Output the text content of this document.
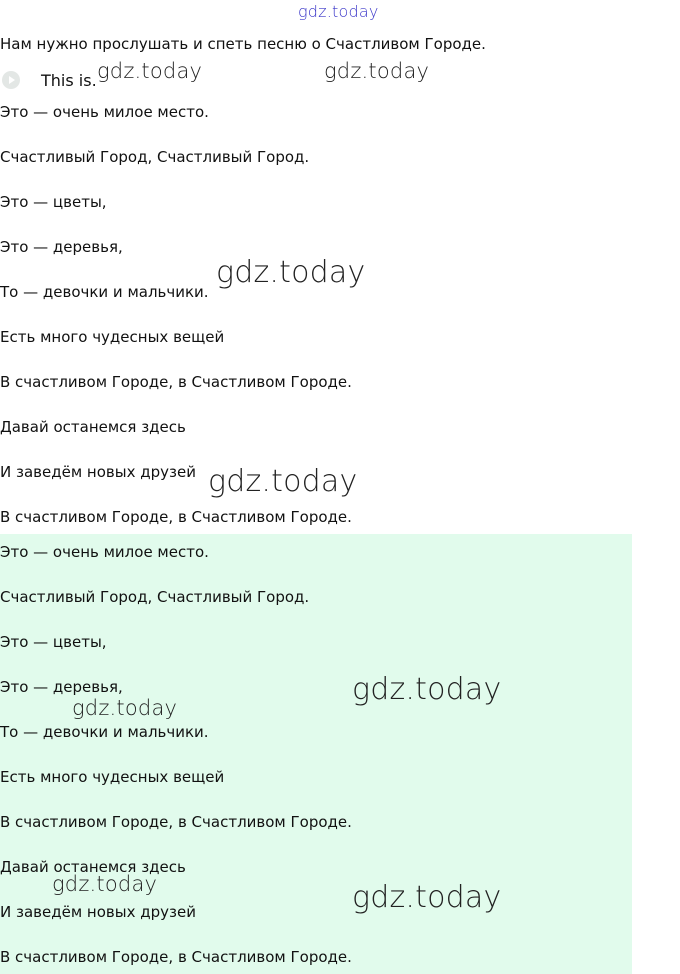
gdz.today
Нам нужно прослушать и спеть песню о Счастливом Городе.
This is.
Это — очень милое место.
Счастливый Город, Счастливый Город.
Это — цветы,
Это — деревья,
То — девочки и мальчики.
Есть много чудесных вещей
В счастливом Городе, в Счастливом Городе.
Давай останемся здесь
И заведём новых друзей
В счастливом Городе, в Счастливом Городе.
Это — очень милое место.
Счастливый Город, Счастливый Город.
Это — цветы,
Это — деревья,
То — девочки и мальчики.
Есть много чудесных вещей
В счастливом Городе, в Счастливом Городе.
Давай останемся здесь
И заведём новых друзей
В счастливом Городе, в Счастливом Городе.
gdz.today	gdz.today
gdz.today
gdz.today
gdz.today
gdz.today
gdz.today	gdz.today
